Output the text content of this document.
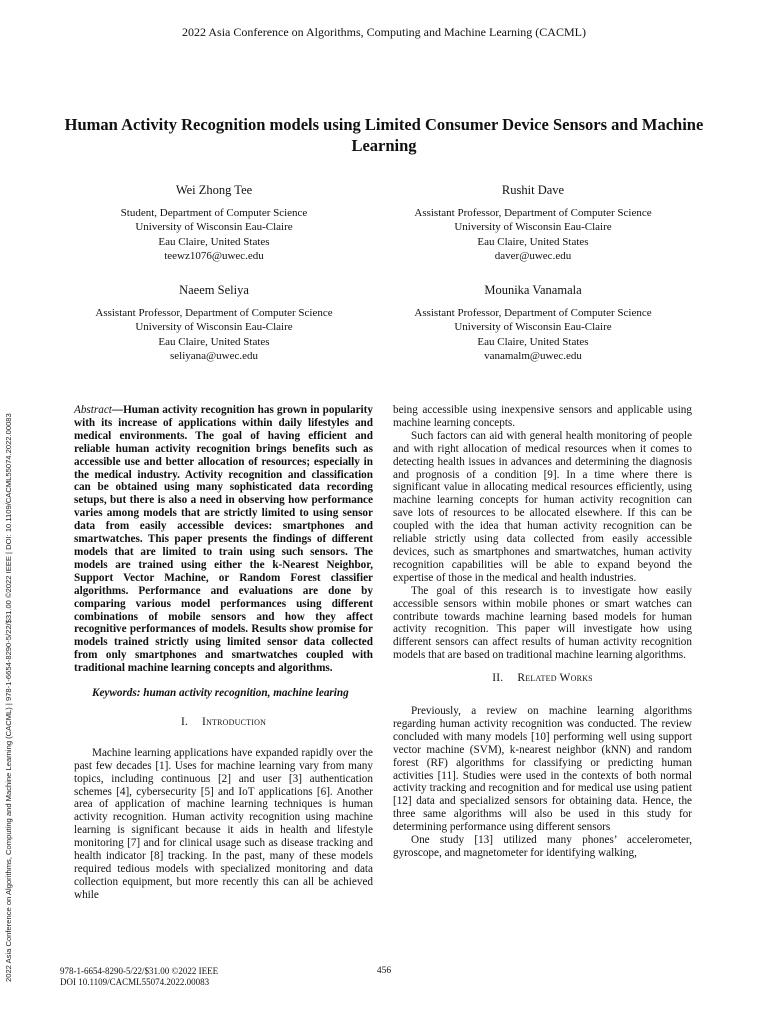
2022 Asia Conference on Algorithms, Computing and Machine Learning (CACML)
Human Activity Recognition models using Limited Consumer Device Sensors and Machine Learning
Wei Zhong Tee
Student, Department of Computer Science
University of Wisconsin Eau-Claire
Eau Claire, United States
teewz1076@uwec.edu
Rushit Dave
Assistant Professor, Department of Computer Science
University of Wisconsin Eau-Claire
Eau Claire, United States
daver@uwec.edu
Naeem Seliya
Assistant Professor, Department of Computer Science
University of Wisconsin Eau-Claire
Eau Claire, United States
seliyana@uwec.edu
Mounika Vanamala
Assistant Professor, Department of Computer Science
University of Wisconsin Eau-Claire
Eau Claire, United States
vanamalm@uwec.edu
2022 Asia Conference on Algorithms, Computing and Machine Learning (CACML) | 978-1-6654-8290-5/22/$31.00 ©2022 IEEE | DOI: 10.1109/CACML55074.2022.00083

Abstract—Human activity recognition has grown in popularity with its increase of applications within daily lifestyles and medical environments. The goal of having efficient and reliable human activity recognition brings benefits such as accessible use and better allocation of resources; especially in the medical industry. Activity recognition and classification can be obtained using many sophisticated data recording setups, but there is also a need in observing how performance varies among models that are strictly limited to using sensor data from easily accessible devices: smartphones and smartwatches. This paper presents the findings of different models that are limited to train using such sensors. The models are trained using either the k-Nearest Neighbor, Support Vector Machine, or Random Forest classifier algorithms. Performance and evaluations are done by comparing various model performances using different combinations of mobile sensors and how they affect recognitive performances of models. Results show promise for models trained strictly using limited sensor data collected from only smartphones and smartwatches coupled with traditional machine learning concepts and algorithms.

Keywords: human activity recognition, machine learing

I. Introduction

Machine learning applications have expanded rapidly over the past few decades [1]. Uses for machine learning vary from many topics, including continuous [2] and user [3] authentication schemes [4], cybersecurity [5] and IoT applications [6]. Another area of application of machine learning techniques is human activity recognition. Human activity recognition using machine learning is significant because it aids in health and lifestyle monitoring [7] and for clinical usage such as disease tracking and health indicator [8] tracking. In the past, many of these models required tedious models with specialized monitoring and data collection equipment, but more recently this can all be achieved while

being accessible using inexpensive sensors and applicable using machine learning concepts.

Such factors can aid with general health monitoring of people and with right allocation of medical resources when it comes to detecting health issues in advances and determining the diagnosis and prognosis of a condition [9]. In a time where there is significant value in allocating medical resources efficiently, using machine learning concepts for human activity recognition can save lots of resources to be allocated elsewhere. If this can be coupled with the idea that human activity recognition can be reliable strictly using data collected from easily accessible devices, such as smartphones and smartwatches, human activity recognition capabilities will be able to expand beyond the expertise of those in the medical and health industries.

The goal of this research is to investigate how easily accessible sensors within mobile phones or smart watches can contribute towards machine learning based models for human activity recognition. This paper will investigate how using different sensors can affect results of human activity recognition models that are based on traditional machine learning algorithms.

II. Related Works

Previously, a review on machine learning algorithms regarding human activity recognition was conducted. The review concluded with many models [10] performing well using support vector machine (SVM), k-nearest neighbor (kNN) and random forest (RF) algorithms for classifying or predicting human activities [11]. Studies were used in the contexts of both normal activity tracking and recognition and for medical use using patient [12] data and specialized sensors for obtaining data. Hence, the three same algorithms will also be used in this study for determining performance using different sensors

One study [13] utilized many phones’ accelerometer, gyroscope, and magnetometer for identifying walking,

978-1-6654-8290-5/22/$31.00 ©2022 IEEE
DOI 10.1109/CACML55074.2022.00083
456
